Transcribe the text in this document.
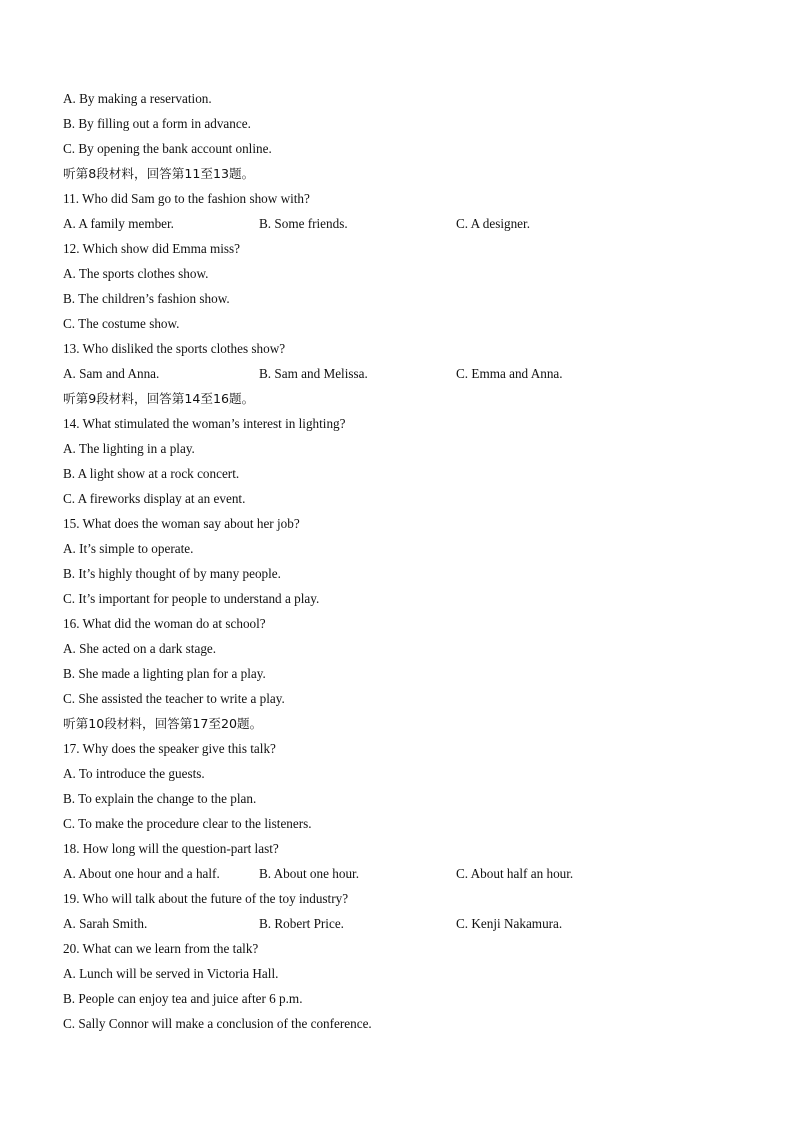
A. By making a reservation.
B. By filling out a form in advance.
C. By opening the bank account online.
听第8段材料，回答第11至13题。
11. Who did Sam go to the fashion show with?
A. A family member.	B. Some friends.	C. A designer.
12. Which show did Emma miss?
A. The sports clothes show.
B. The children’s fashion show.
C. The costume show.
13. Who disliked the sports clothes show?
A. Sam and Anna.	B. Sam and Melissa.	C. Emma and Anna.
听第9段材料，回答第14至16题。
14. What stimulated the woman’s interest in lighting?
A. The lighting in a play.
B. A light show at a rock concert.
C. A fireworks display at an event.
15. What does the woman say about her job?
A. It’s simple to operate.
B. It’s highly thought of by many people.
C. It’s important for people to understand a play.
16. What did the woman do at school?
A. She acted on a dark stage.
B. She made a lighting plan for a play.
C. She assisted the teacher to write a play.
听第10段材料，回答第17至20题。
17. Why does the speaker give this talk?
A. To introduce the guests.
B. To explain the change to the plan.
C. To make the procedure clear to the listeners.
18. How long will the question-part last?
A. About one hour and a half.	B. About one hour.	C. About half an hour.
19. Who will talk about the future of the toy industry?
A. Sarah Smith.	B. Robert Price.	C. Kenji Nakamura.
20. What can we learn from the talk?
A. Lunch will be served in Victoria Hall.
B. People can enjoy tea and juice after 6 p.m.
C. Sally Connor will make a conclusion of the conference.
